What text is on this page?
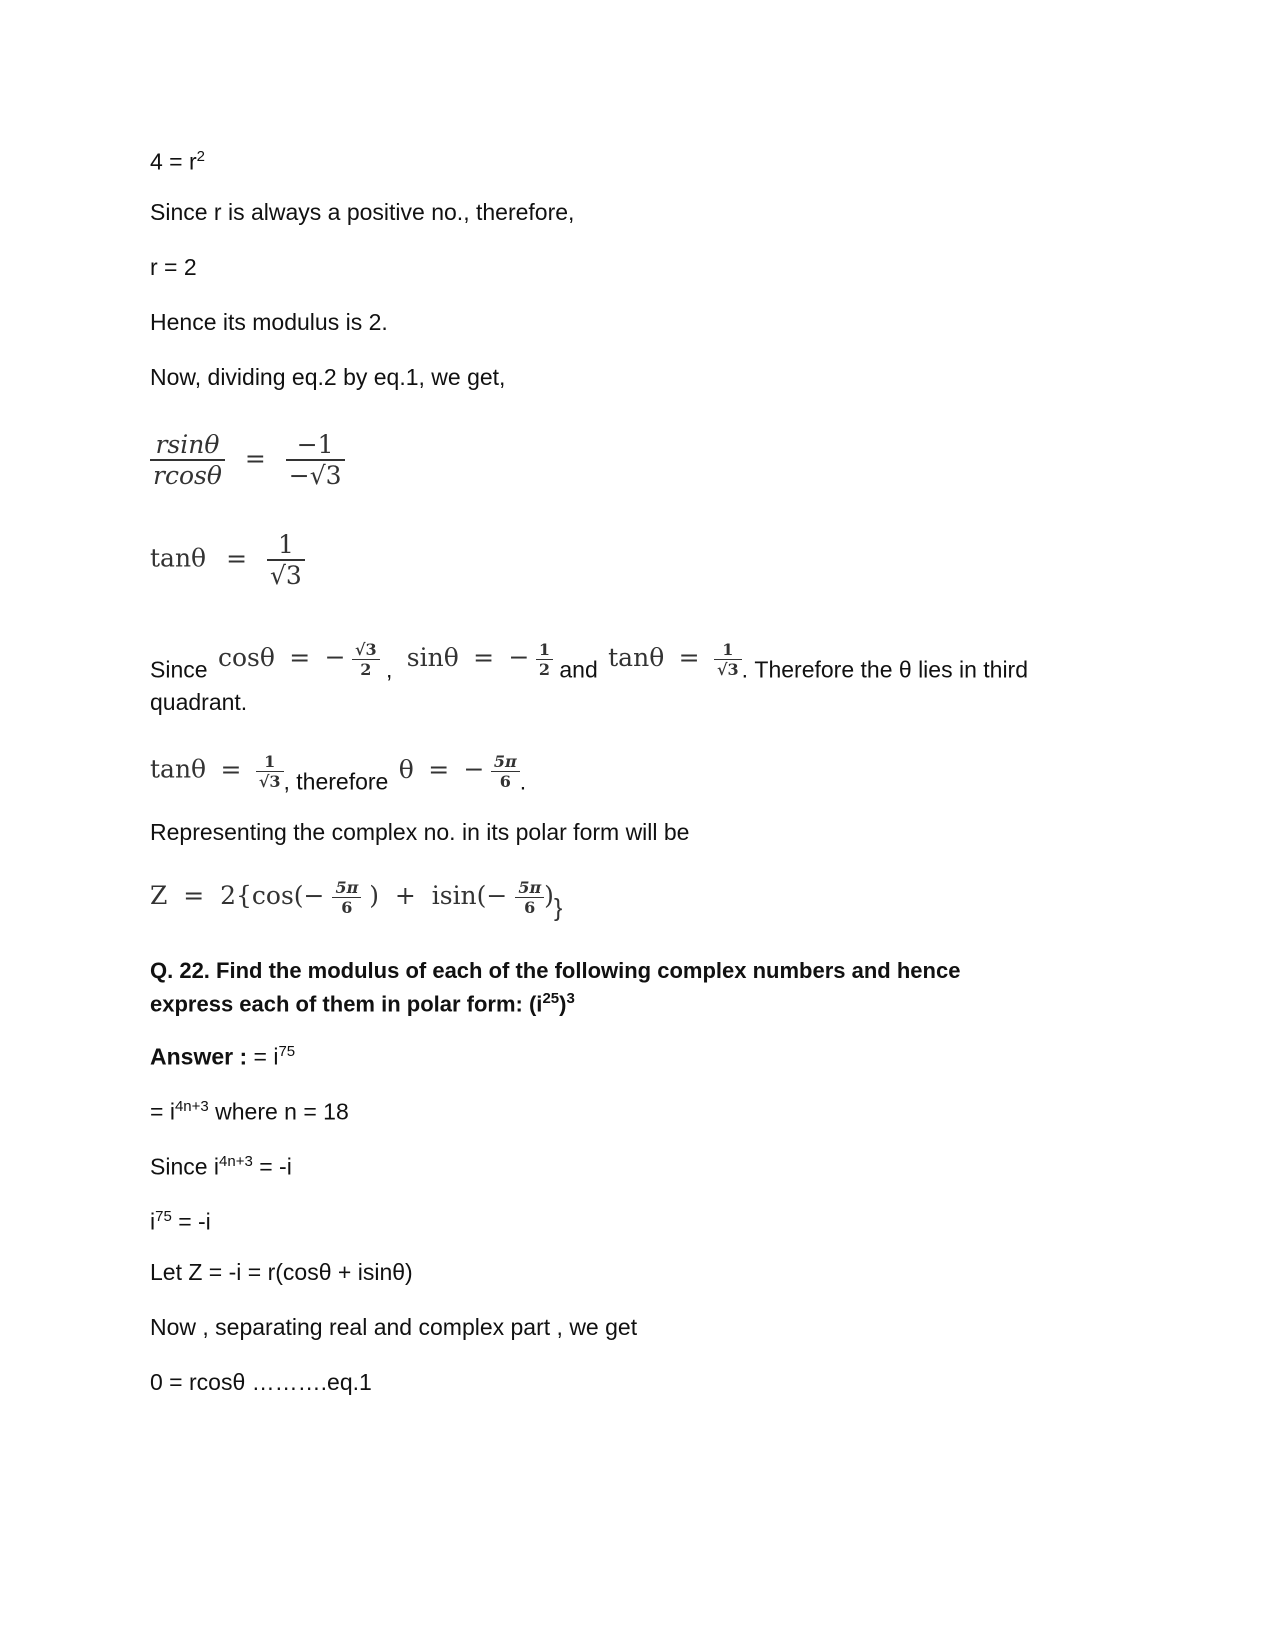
$4 = r^2$
Since r is always a positive no., therefore,
r = 2
Hence its modulus is 2.
Now, dividing eq.2 by eq.1, we get,
$\frac{rsin\theta}{rcos\theta} = \frac{-1}{-√3}$
$\tan\theta = \frac{1}{√3}$
Since cosθ = − $\frac{√3}{2}$ , sinθ = − $\frac{1}{2}$ and $\tan\theta = \frac{1}{√3}$ . Therefore the θ lies in third
quadrant.
$\tan\theta = \frac{1}{√3}$ , therefore θ = − $\frac{5\pi}{6}$ .
Representing the complex no. in its polar form will be
$Z = 2\{\cos(- \frac{5\pi}{6}$ )  +  $isin(- \frac{5\pi}{6}$ )}
Q. 22. Find the modulus of each of the following complex numbers and hence
express each of them in polar form: $(i^{25})^3$
Answer : = $i^{75}$
= $i^{4n+3}$ where n = 18
Since $i^{4n+3} = -i$
$i^{75} = -i$
Let Z = -i = r(cosθ + isinθ)
Now , separating real and complex part , we get
0 = rcosθ ……….eq.1
